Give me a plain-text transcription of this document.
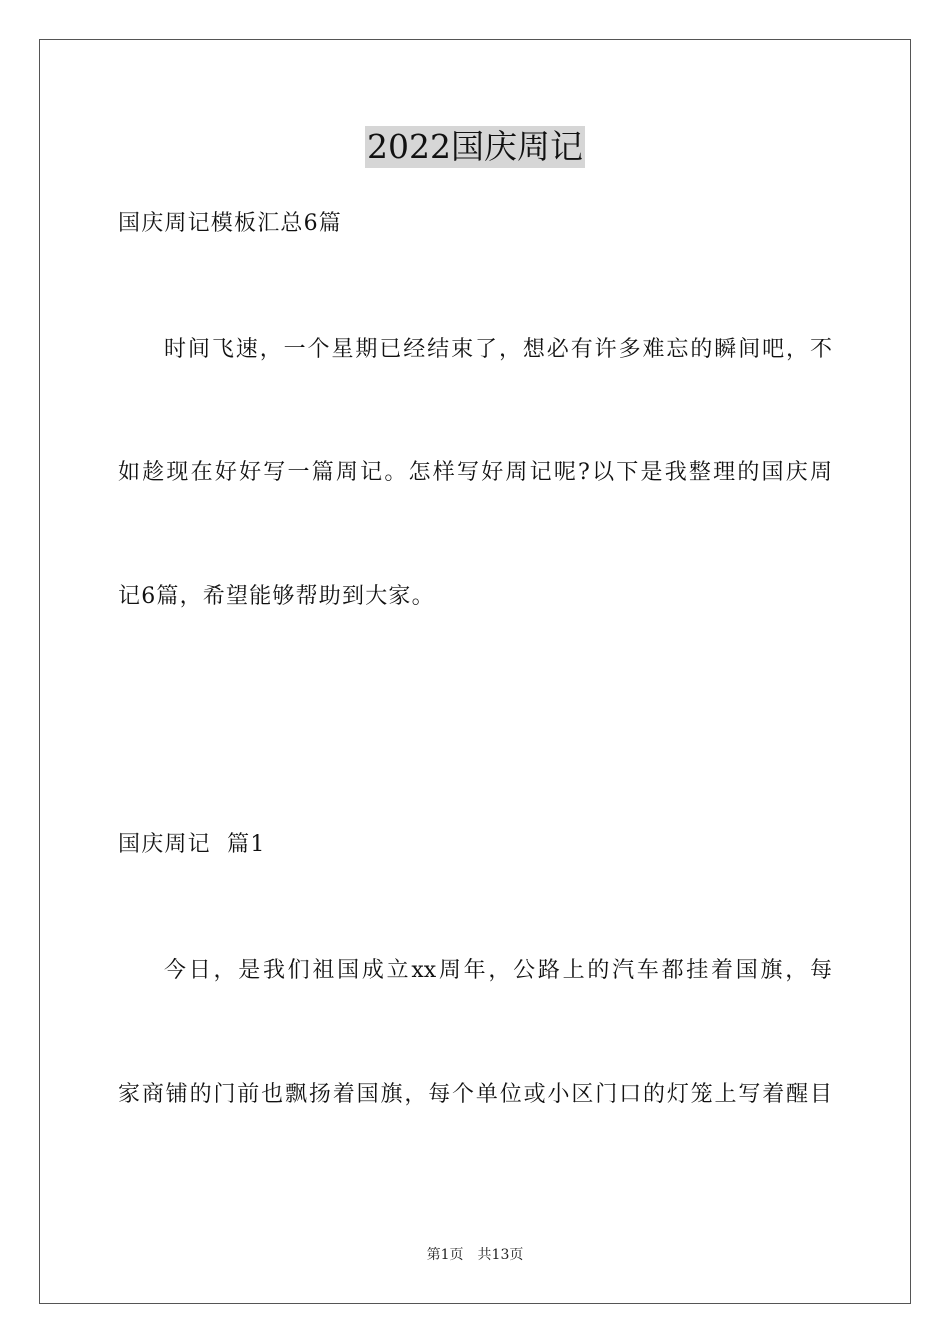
2022国庆周记
国庆周记模板汇总6篇
时间飞速，一个星期已经结束了，想必有许多难忘的瞬间吧，不
如趁现在好好写一篇周记。怎样写好周记呢?以下是我整理的国庆周
记6篇，希望能够帮助到大家。
国庆周记  篇1
今日，是我们祖国成立xx周年，公路上的汽车都挂着国旗，每
家商铺的门前也飘扬着国旗，每个单位或小区门口的灯笼上写着醒目
第1页 共13页
